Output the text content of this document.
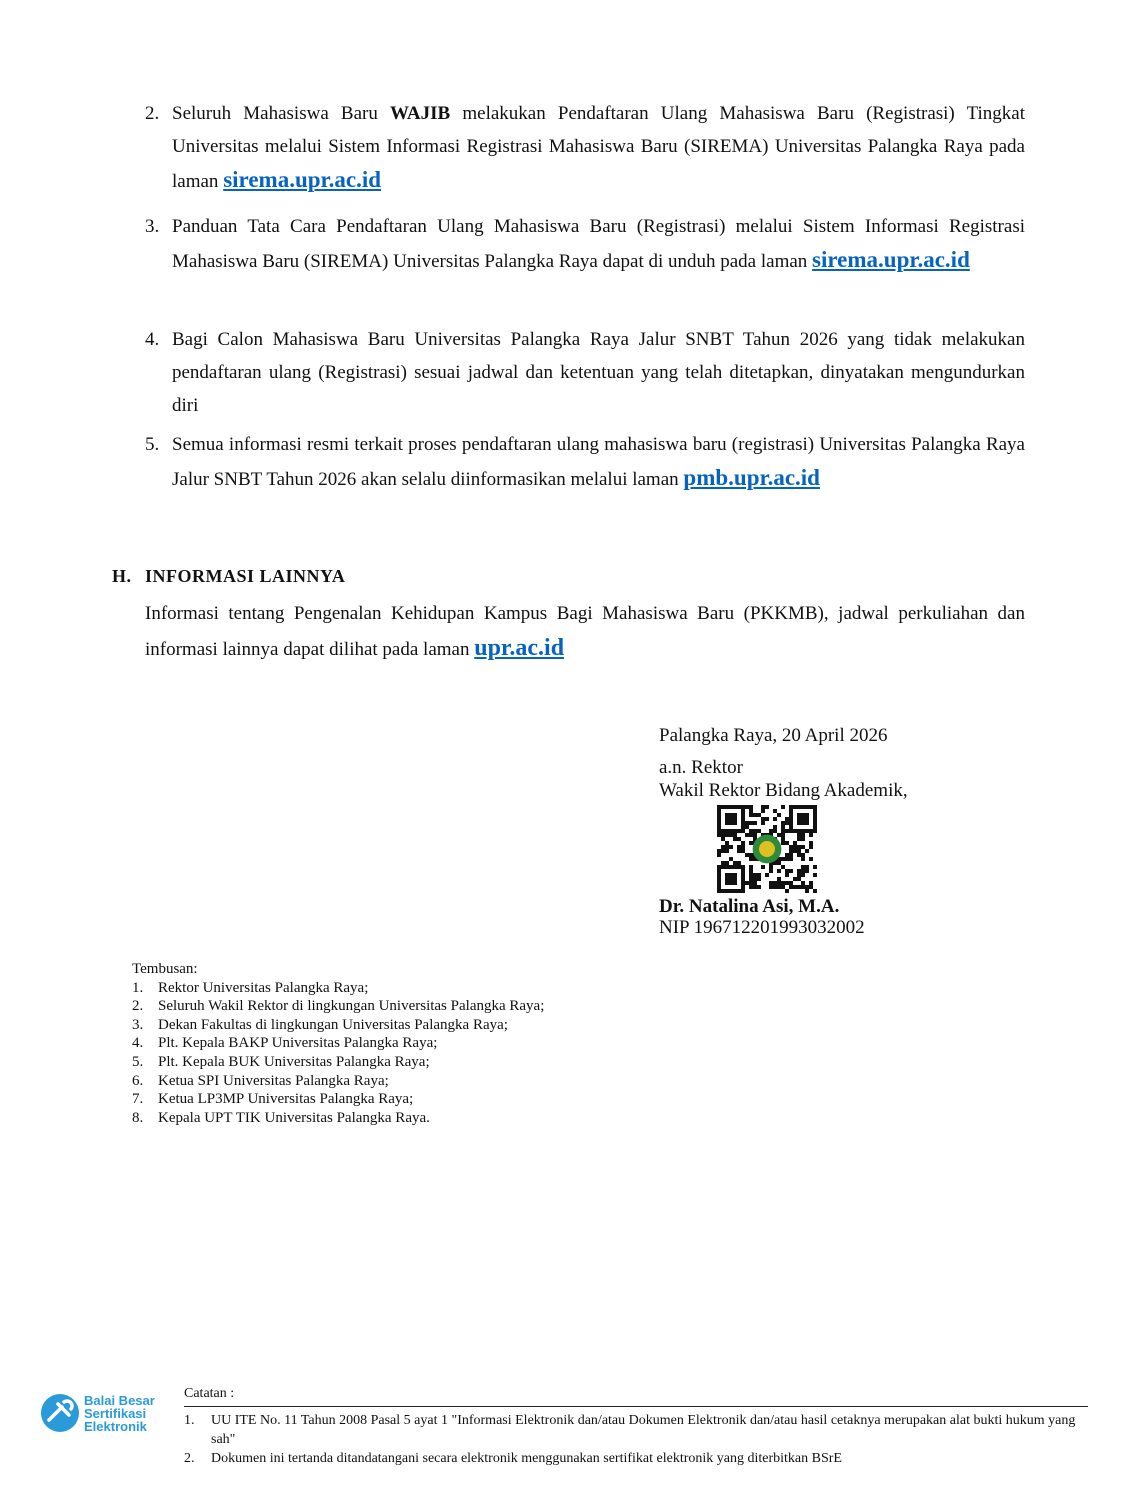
2. Seluruh Mahasiswa Baru WAJIB melakukan Pendaftaran Ulang Mahasiswa Baru (Registrasi) Tingkat Universitas melalui Sistem Informasi Registrasi Mahasiswa Baru (SIREMA) Universitas Palangka Raya pada laman sirema.upr.ac.id
3. Panduan Tata Cara Pendaftaran Ulang Mahasiswa Baru (Registrasi) melalui Sistem Informasi Registrasi Mahasiswa Baru (SIREMA) Universitas Palangka Raya dapat di unduh pada laman sirema.upr.ac.id
4. Bagi Calon Mahasiswa Baru Universitas Palangka Raya Jalur SNBT Tahun 2026 yang tidak melakukan pendaftaran ulang (Registrasi) sesuai jadwal dan ketentuan yang telah ditetapkan, dinyatakan mengundurkan diri
5. Semua informasi resmi terkait proses pendaftaran ulang mahasiswa baru (registrasi) Universitas Palangka Raya Jalur SNBT Tahun 2026 akan selalu diinformasikan melalui laman pmb.upr.ac.id
H. INFORMASI LAINNYA
Informasi tentang Pengenalan Kehidupan Kampus Bagi Mahasiswa Baru (PKKMB), jadwal perkuliahan dan informasi lainnya dapat dilihat pada laman upr.ac.id
Palangka Raya, 20 April 2026
a.n. Rektor
Wakil Rektor Bidang Akademik,
Dr. Natalina Asi, M.A.
NIP 196712201993032002
Tembusan:
1. Rektor Universitas Palangka Raya;
2. Seluruh Wakil Rektor di lingkungan Universitas Palangka Raya;
3. Dekan Fakultas di lingkungan Universitas Palangka Raya;
4. Plt. Kepala BAKP Universitas Palangka Raya;
5. Plt. Kepala BUK Universitas Palangka Raya;
6. Ketua SPI Universitas Palangka Raya;
7. Ketua LP3MP Universitas Palangka Raya;
8. Kepala UPT TIK Universitas Palangka Raya.
Balai Besar
Sertifikasi
Elektronik
Catatan :
1.	UU ITE No. 11 Tahun 2008 Pasal 5 ayat 1 "Informasi Elektronik dan/atau Dokumen Elektronik dan/atau hasil cetaknya merupakan alat bukti hukum yang sah"
2.	Dokumen ini tertanda ditandatangani secara elektronik menggunakan sertifikat elektronik yang diterbitkan BSrE
